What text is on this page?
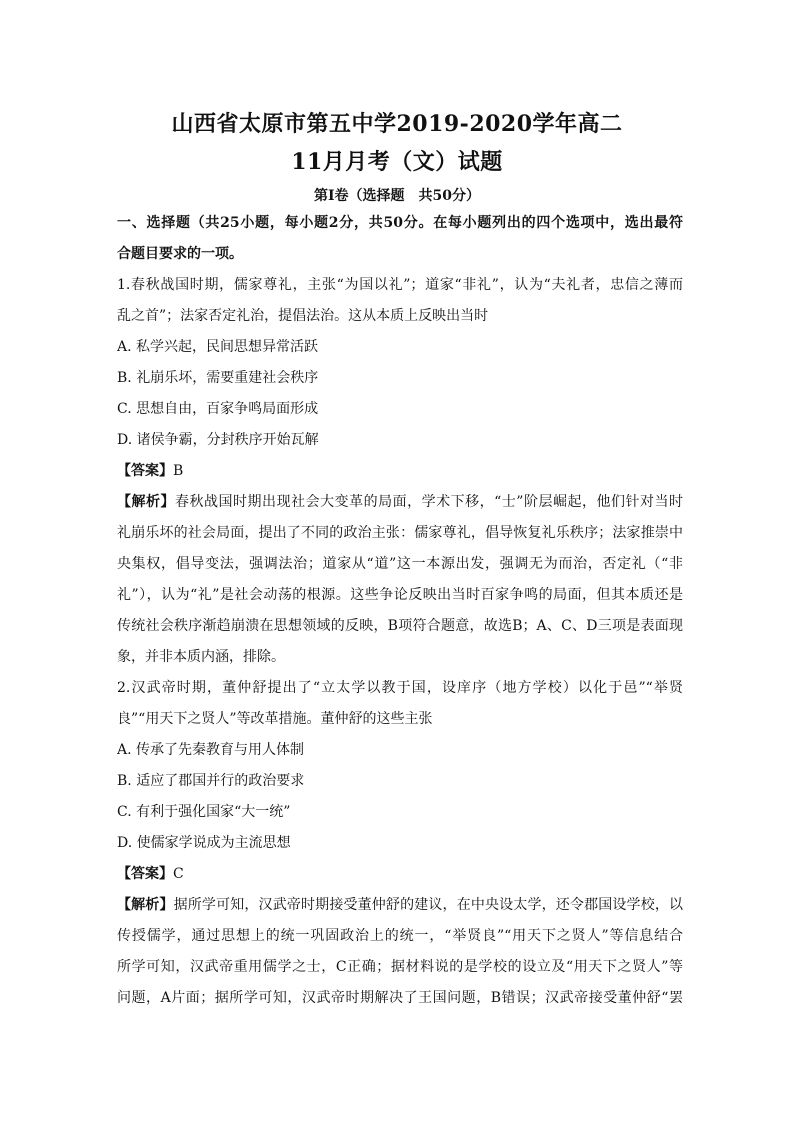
山西省太原市第五中学2019-2020学年高二
11月月考（文）试题
第Ⅰ卷（选择题　共50分）
一、选择题（共25小题，每小题2分，共50分。在每小题列出的四个选项中，选出最符
合题目要求的一项。
1.春秋战国时期，儒家尊礼，主张“为国以礼”；道家“非礼”，认为“夫礼者，忠信之薄而
乱之首”；法家否定礼治，提倡法治。这从本质上反映出当时
A. 私学兴起，民间思想异常活跃
B. 礼崩乐坏，需要重建社会秩序
C. 思想自由，百家争鸣局面形成
D. 诸侯争霸，分封秩序开始瓦解
【答案】B
【解析】春秋战国时期出现社会大变革的局面，学术下移，“士”阶层崛起，他们针对当时
礼崩乐坏的社会局面，提出了不同的政治主张：儒家尊礼，倡导恢复礼乐秩序；法家推崇中
央集权，倡导变法，强调法治；道家从“道”这一本源出发，强调无为而治，否定礼（“非
礼”），认为“礼”是社会动荡的根源。这些争论反映出当时百家争鸣的局面，但其本质还是
传统社会秩序渐趋崩溃在思想领域的反映，B项符合题意，故选B；A、C、D三项是表面现
象，并非本质内涵，排除。
2.汉武帝时期，董仲舒提出了“立太学以教于国，设庠序（地方学校）以化于邑”“举贤
良”“用天下之贤人”等改革措施。董仲舒的这些主张
A. 传承了先秦教育与用人体制
B. 适应了郡国并行的政治要求
C. 有利于强化国家“大一统”
D. 使儒家学说成为主流思想
【答案】C
【解析】据所学可知，汉武帝时期接受董仲舒的建议，在中央设太学，还令郡国设学校，以
传授儒学，通过思想上的统一巩固政治上的统一，“举贤良”“用天下之贤人”等信息结合
所学可知，汉武帝重用儒学之士，C正确；据材料说的是学校的设立及“用天下之贤人”等
问题，A片面；据所学可知，汉武帝时期解决了王国问题，B错误；汉武帝接受董仲舒“罢
